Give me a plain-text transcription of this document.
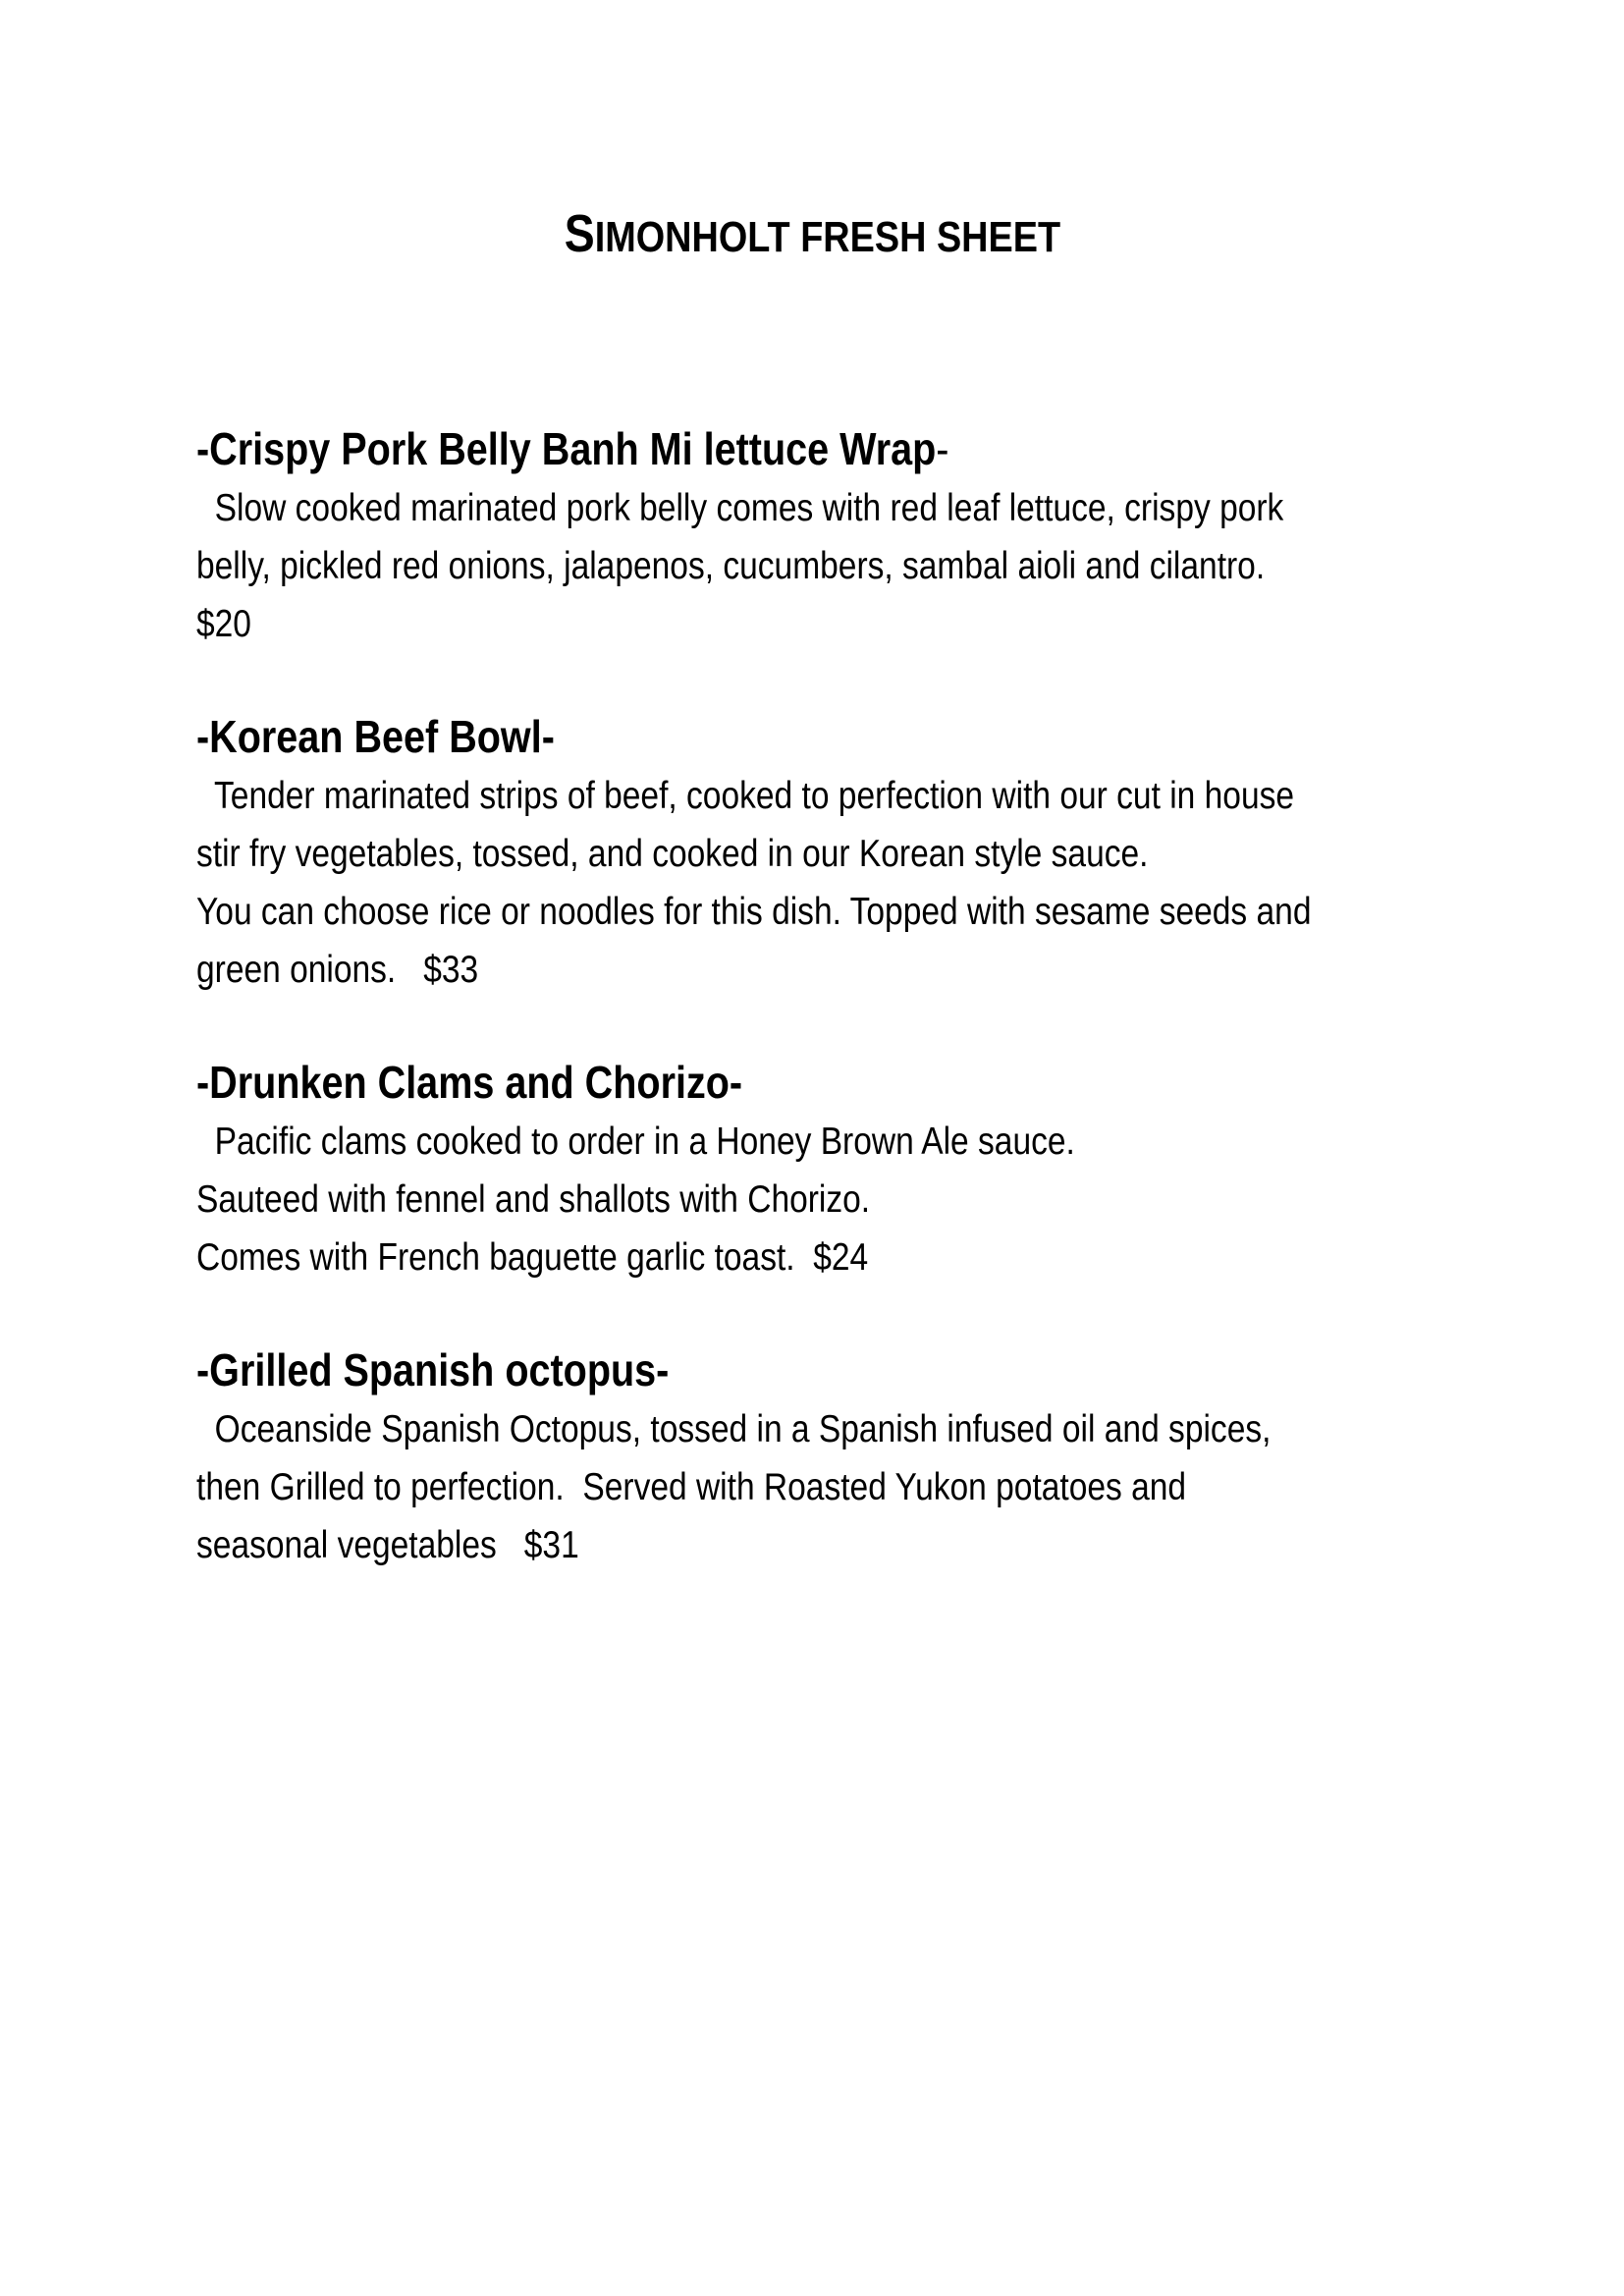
SIMONHOLT FRESH SHEET
-Crispy Pork Belly Banh Mi lettuce Wrap-
Slow cooked marinated pork belly comes with red leaf lettuce, crispy pork
belly, pickled red onions, jalapenos, cucumbers, sambal aioli and cilantro.
$20
-Korean Beef Bowl-
Tender marinated strips of beef, cooked to perfection with our cut in house
stir fry vegetables, tossed, and cooked in our Korean style sauce.
You can choose rice or noodles for this dish. Topped with sesame seeds and
green onions.   $33
-Drunken Clams and Chorizo-
Pacific clams cooked to order in a Honey Brown Ale sauce.
Sauteed with fennel and shallots with Chorizo.
Comes with French baguette garlic toast.  $24
-Grilled Spanish octopus-
Oceanside Spanish Octopus, tossed in a Spanish infused oil and spices,
then Grilled to perfection.  Served with Roasted Yukon potatoes and
seasonal vegetables   $31
